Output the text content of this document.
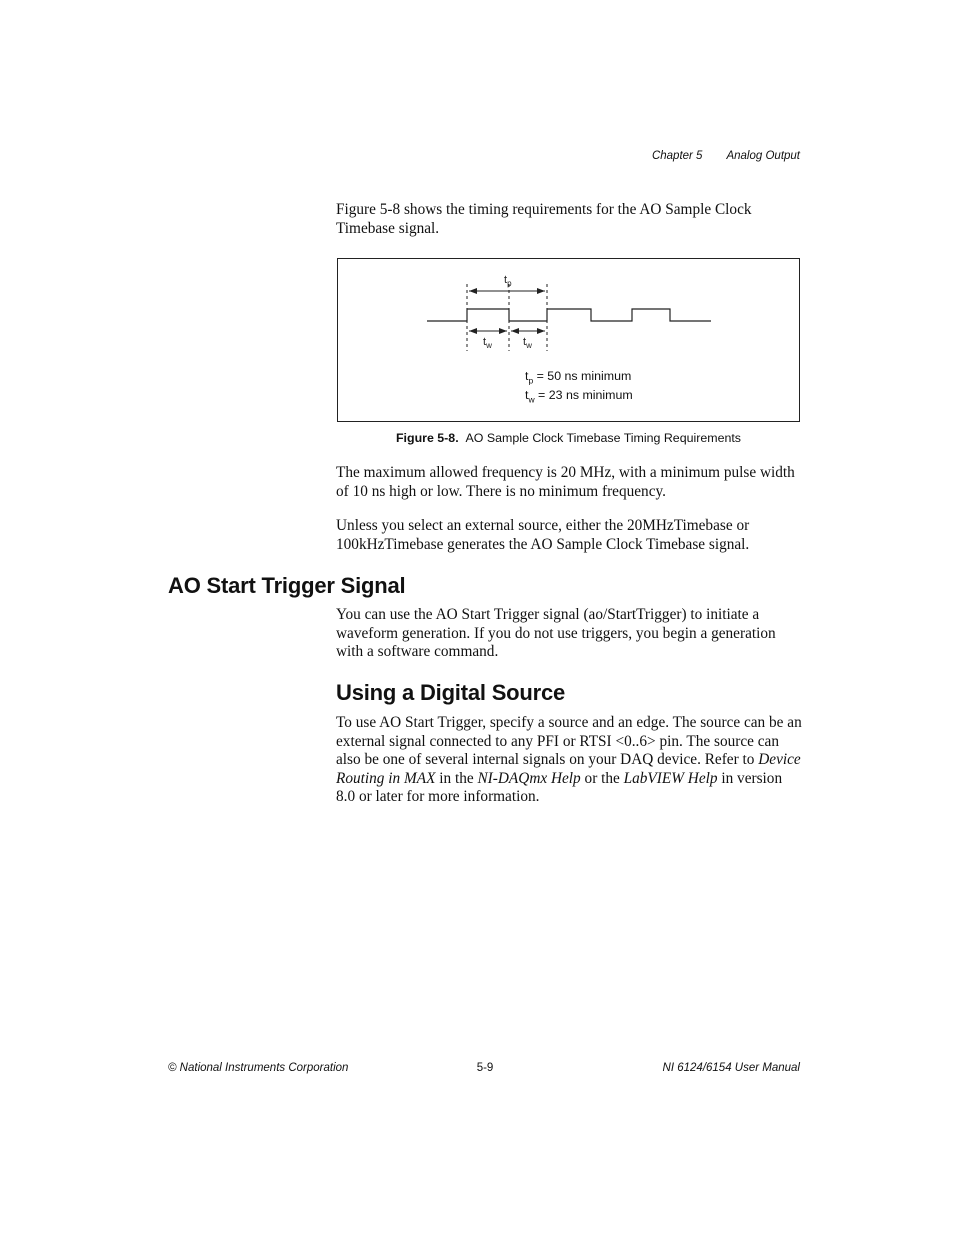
Chapter 5 Analog Output
Figure 5-8 shows the timing requirements for the AO Sample Clock Timebase signal.
$t_p$
$t_w$	$t_w$
$t_p = 50$ ns minimum
$t_w = 23$ ns minimum
Figure 5-8. AO Sample Clock Timebase Timing Requirements
The maximum allowed frequency is 20 MHz, with a minimum pulse width of 10 ns high or low. There is no minimum frequency.
Unless you select an external source, either the 20MHzTimebase or 100kHzTimebase generates the AO Sample Clock Timebase signal.
AO Start Trigger Signal
You can use the AO Start Trigger signal (ao/StartTrigger) to initiate a waveform generation. If you do not use triggers, you begin a generation with a software command.
Using a Digital Source
To use AO Start Trigger, specify a source and an edge. The source can be an external signal connected to any PFI or RTSI <0..6> pin. The source can also be one of several internal signals on your DAQ device. Refer to Device Routing in MAX in the NI-DAQmx Help or the LabVIEW Help in version 8.0 or later for more information.
© National Instruments Corporation	5-9	NI 6124/6154 User Manual
